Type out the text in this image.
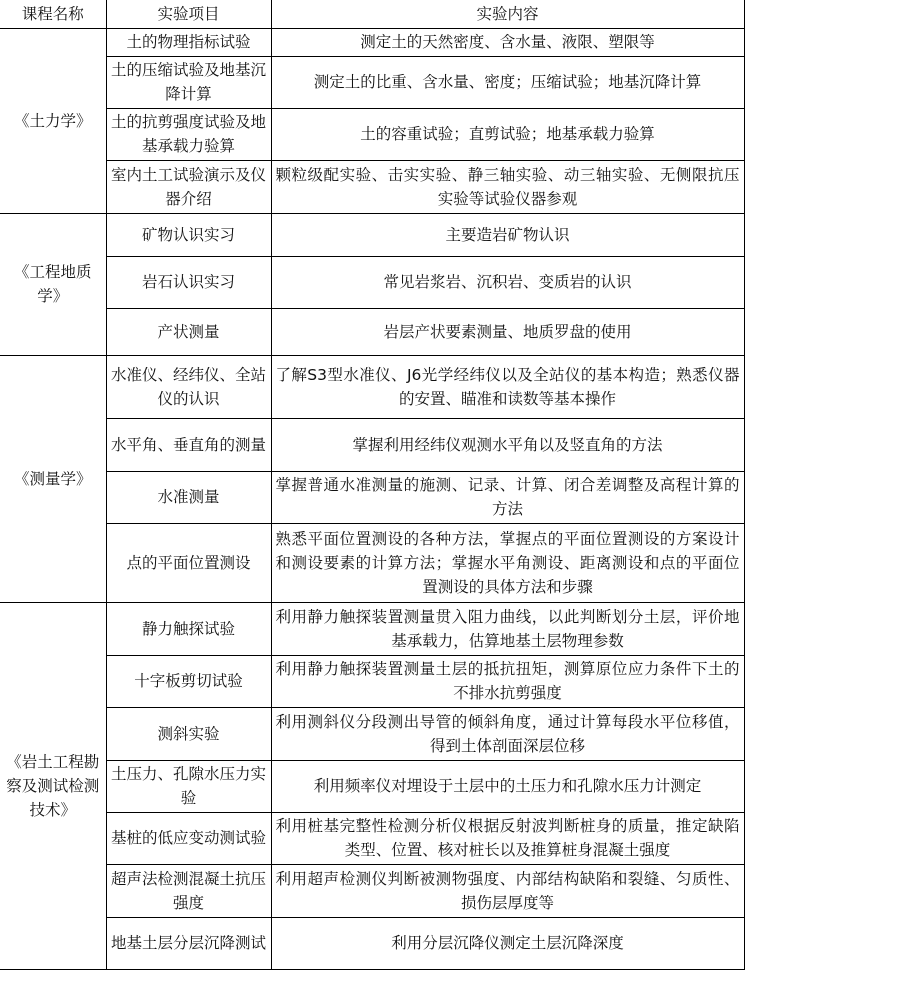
课程名称	实验项目	实验内容
《土力学》	土的物理指标试验	测定土的天然密度、含水量、液限、塑限等
	土的压缩试验及地基沉降计算	测定土的比重、含水量、密度；压缩试验；地基沉降计算
	土的抗剪强度试验及地基承载力验算	土的容重试验；直剪试验；地基承载力验算
	室内土工试验演示及仪器介绍	颗粒级配实验、击实实验、静三轴实验、动三轴实验、无侧限抗压实验等试验仪器参观
《工程地质学》	矿物认识实习	主要造岩矿物认识
	岩石认识实习	常见岩浆岩、沉积岩、变质岩的认识
	产状测量	岩层产状要素测量、地质罗盘的使用
《测量学》	水准仪、经纬仪、全站仪的认识	了解S3型水准仪、J6光学经纬仪以及全站仪的基本构造；熟悉仪器的安置、瞄准和读数等基本操作
	水平角、垂直角的测量	掌握利用经纬仪观测水平角以及竖直角的方法
	水准测量	掌握普通水准测量的施测、记录、计算、闭合差调整及高程计算的方法
	点的平面位置测设	熟悉平面位置测设的各种方法，掌握点的平面位置测设的方案设计和测设要素的计算方法；掌握水平角测设、距离测设和点的平面位置测设的具体方法和步骤
《岩土工程勘察及测试检测技术》	静力触探试验	利用静力触探装置测量贯入阻力曲线，以此判断划分土层，评价地基承载力，估算地基土层物理参数
	十字板剪切试验	利用静力触探装置测量土层的抵抗扭矩，测算原位应力条件下土的不排水抗剪强度
	测斜实验	利用测斜仪分段测出导管的倾斜角度，通过计算每段水平位移值，得到土体剖面深层位移
	土压力、孔隙水压力实验	利用频率仪对埋设于土层中的土压力和孔隙水压力计测定
	基桩的低应变动测试验	利用桩基完整性检测分析仪根据反射波判断桩身的质量，推定缺陷类型、位置、核对桩长以及推算桩身混凝土强度
	超声法检测混凝土抗压强度	利用超声检测仪判断被测物强度、内部结构缺陷和裂缝、匀质性、损伤层厚度等
	地基土层分层沉降测试	利用分层沉降仪测定土层沉降深度
